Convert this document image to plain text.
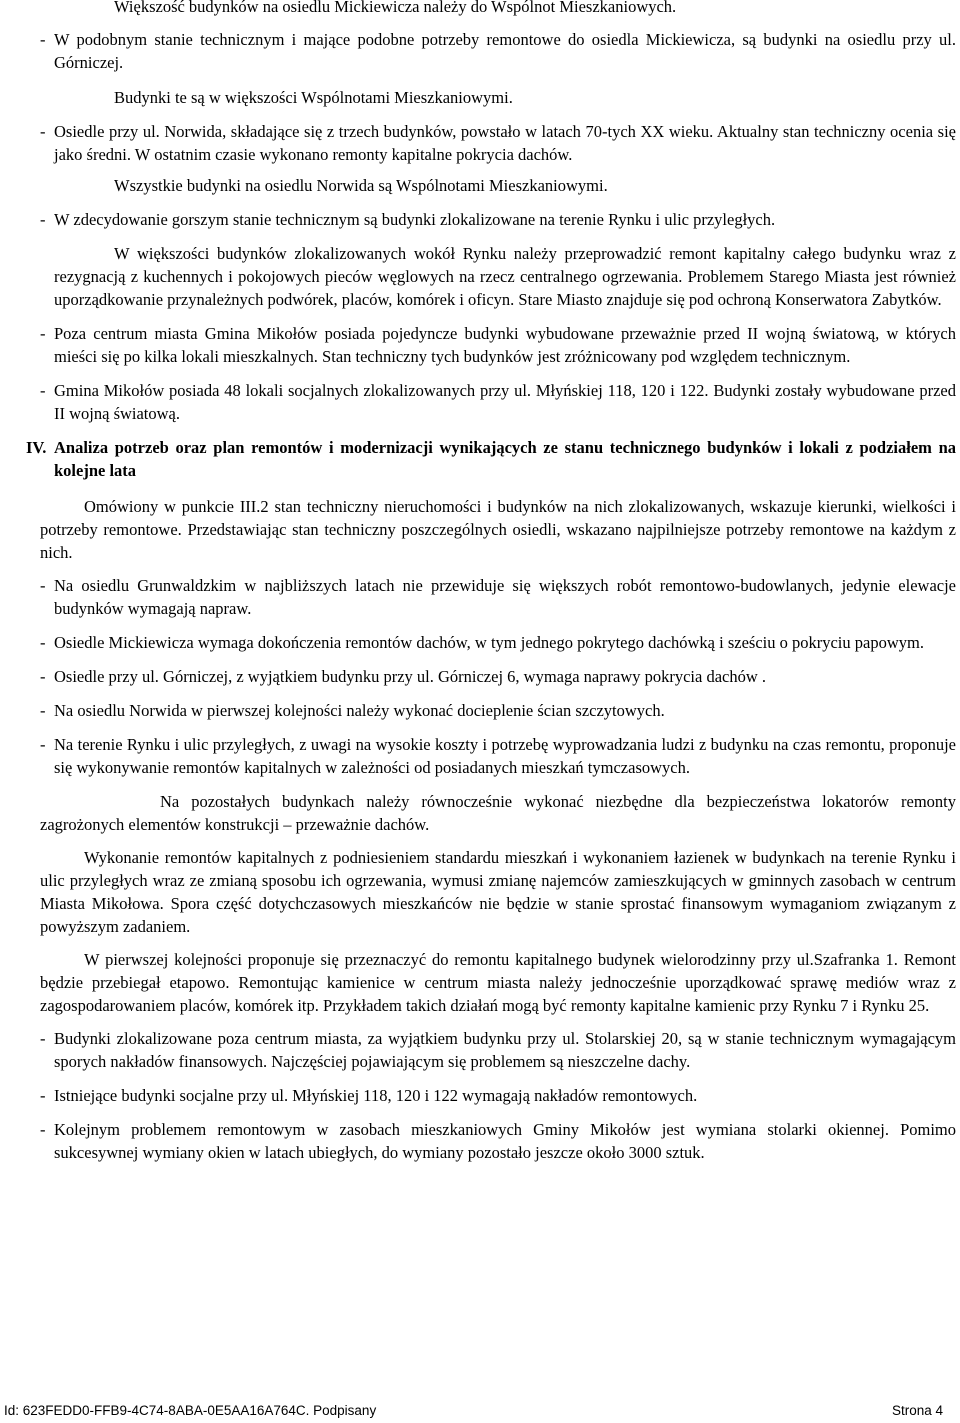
Większość budynków na osiedlu Mickiewicza należy do Wspólnot Mieszkaniowych.

- W podobnym stanie technicznym i mające podobne potrzeby remontowe do osiedla Mickiewicza, są budynki na osiedlu przy ul. Górniczej.

Budynki te są w większości Wspólnotami Mieszkaniowymi.

- Osiedle przy ul. Norwida, składające się z trzech budynków, powstało w latach 70-tych XX wieku. Aktualny stan techniczny ocenia się jako średni. W ostatnim czasie wykonano remonty kapitalne pokrycia dachów.

Wszystkie budynki na osiedlu Norwida są Wspólnotami Mieszkaniowymi.

- W zdecydowanie gorszym stanie technicznym są budynki zlokalizowane na terenie Rynku i ulic przyległych.

W większości budynków zlokalizowanych wokół Rynku należy przeprowadzić remont kapitalny całego budynku wraz z rezygnacją z kuchennych i pokojowych pieców węglowych na rzecz centralnego ogrzewania. Problemem Starego Miasta jest również uporządkowanie przynależnych podwórek, placów, komórek i oficyn. Stare Miasto znajduje się pod ochroną Konserwatora Zabytków.

- Poza centrum miasta Gmina Mikołów posiada pojedyncze budynki wybudowane przeważnie przed II wojną światową, w których mieści się po kilka lokali mieszkalnych. Stan techniczny tych budynków jest zróżnicowany pod względem technicznym.

- Gmina Mikołów posiada 48 lokali socjalnych zlokalizowanych przy ul. Młyńskiej 118, 120 i 122. Budynki zostały wybudowane przed II wojną światową.

IV. Analiza potrzeb oraz plan remontów i modernizacji wynikających ze stanu technicznego budynków i lokali z podziałem na kolejne lata

Omówiony w punkcie III.2 stan techniczny nieruchomości i budynków na nich zlokalizowanych, wskazuje kierunki, wielkości i potrzeby remontowe. Przedstawiając stan techniczny poszczególnych osiedli, wskazano najpilniejsze potrzeby remontowe na każdym z nich.

- Na osiedlu Grunwaldzkim w najbliższych latach nie przewiduje się większych robót remontowo-budowlanych, jedynie elewacje budynków wymagają napraw.

- Osiedle Mickiewicza wymaga dokończenia remontów dachów, w tym jednego pokrytego dachówką i sześciu o pokryciu papowym.

- Osiedle przy ul. Górniczej, z wyjątkiem budynku przy ul. Górniczej 6, wymaga naprawy pokrycia dachów .

- Na osiedlu Norwida w pierwszej kolejności należy wykonać docieplenie ścian szczytowych.

- Na terenie Rynku i ulic przyległych, z uwagi na wysokie koszty i potrzebę wyprowadzania ludzi z budynku na czas remontu, proponuje się wykonywanie remontów kapitalnych w zależności od posiadanych mieszkań tymczasowych.

Na pozostałych budynkach należy równocześnie wykonać niezbędne dla bezpieczeństwa lokatorów remonty zagrożonych elementów konstrukcji – przeważnie dachów.

Wykonanie remontów kapitalnych z podniesieniem standardu mieszkań i wykonaniem łazienek w budynkach na terenie Rynku i ulic przyległych wraz ze zmianą sposobu ich ogrzewania, wymusi zmianę najemców zamieszkujących w gminnych zasobach w centrum Miasta Mikołowa. Spora część dotychczasowych mieszkańców nie będzie w stanie sprostać finansowym wymaganiom związanym z powyższym zadaniem.

W pierwszej kolejności proponuje się przeznaczyć do remontu kapitalnego budynek wielorodzinny przy ul.Szafranka 1. Remont będzie przebiegał etapowo. Remontując kamienice w centrum miasta należy jednocześnie uporządkować sprawę mediów wraz z zagospodarowaniem placów, komórek itp. Przykładem takich działań mogą być remonty kapitalne kamienic przy Rynku 7 i Rynku 25.

- Budynki zlokalizowane poza centrum miasta, za wyjątkiem budynku przy ul. Stolarskiej 20, są w stanie technicznym wymagającym sporych nakładów finansowych. Najczęściej pojawiającym się problemem są nieszczelne dachy.

- Istniejące budynki socjalne przy ul. Młyńskiej 118, 120 i 122 wymagają nakładów remontowych.

- Kolejnym problemem remontowym w zasobach mieszkaniowych Gminy Mikołów jest wymiana stolarki okiennej. Pomimo sukcesywnej wymiany okien w latach ubiegłych, do wymiany pozostało jeszcze około 3000 sztuk.

Id: 623FEDD0-FFB9-4C74-8ABA-0E5AA16A764C. Podpisany	Strona 4
